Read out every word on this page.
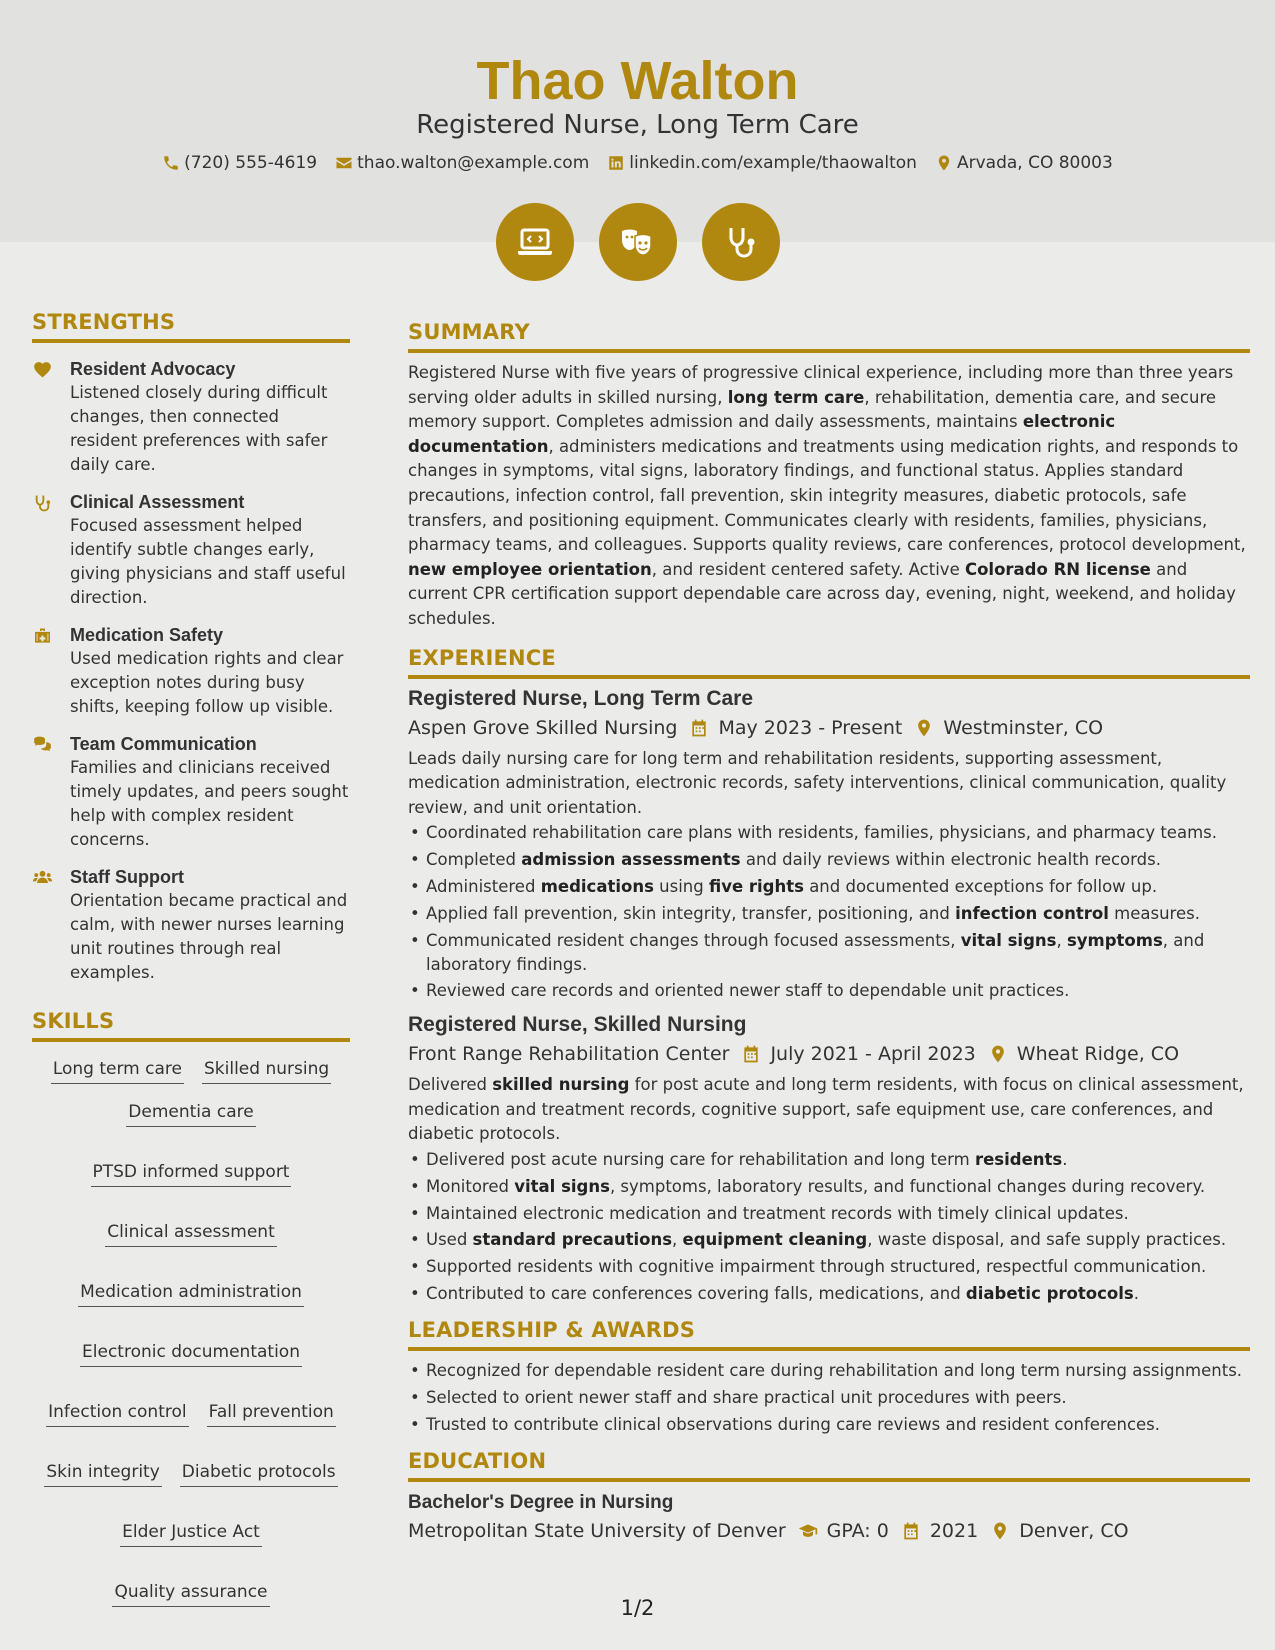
Thao Walton
Registered Nurse, Long Term Care
(720) 555-4619 thao.walton@example.com linkedin.com/example/thaowalton Arvada, CO 80003
STRENGTHS
Resident Advocacy
Listened closely during difficult changes, then connected resident preferences with safer daily care.
Clinical Assessment
Focused assessment helped identify subtle changes early, giving physicians and staff useful direction.
Medication Safety
Used medication rights and clear exception notes during busy shifts, keeping follow up visible.
Team Communication
Families and clinicians received timely updates, and peers sought help with complex resident concerns.
Staff Support
Orientation became practical and calm, with newer nurses learning unit routines through real examples.
SKILLS
Long term care Skilled nursing
Dementia care
PTSD informed support
Clinical assessment
Medication administration
Electronic documentation
Infection control Fall prevention
Skin integrity Diabetic protocols
Elder Justice Act
Quality assurance
SUMMARY

Registered Nurse with five years of progressive clinical experience, including more than three years serving older adults in skilled nursing, long term care, rehabilitation, dementia care, and secure memory support. Completes admission and daily assessments, maintains electronic documentation, administers medications and treatments using medication rights, and responds to changes in symptoms, vital signs, laboratory findings, and functional status. Applies standard precautions, infection control, fall prevention, skin integrity measures, diabetic protocols, safe transfers, and positioning equipment. Communicates clearly with residents, families, physicians, pharmacy teams, and colleagues. Supports quality reviews, care conferences, protocol development, new employee orientation, and resident centered safety. Active Colorado RN license and current CPR certification support dependable care across day, evening, night, weekend, and holiday schedules.

EXPERIENCE
Registered Nurse, Long Term Care
Aspen Grove Skilled Nursing May 2023 - Present Westminster, CO

Leads daily nursing care for long term and rehabilitation residents, supporting assessment, medication administration, electronic records, safety interventions, clinical communication, quality review, and unit orientation.

• Coordinated rehabilitation care plans with residents, families, physicians, and pharmacy teams.
• Completed admission assessments and daily reviews within electronic health records.
• Administered medications using five rights and documented exceptions for follow up.
• Applied fall prevention, skin integrity, transfer, positioning, and infection control measures.
• Communicated resident changes through focused assessments, vital signs, symptoms, and laboratory findings.
• Reviewed care records and oriented newer staff to dependable unit practices.
Registered Nurse, Skilled Nursing
Front Range Rehabilitation Center July 2021 - April 2023 Wheat Ridge, CO

Delivered skilled nursing for post acute and long term residents, with focus on clinical assessment, medication and treatment records, cognitive support, safe equipment use, care conferences, and diabetic protocols.

• Delivered post acute nursing care for rehabilitation and long term residents.
• Monitored vital signs, symptoms, laboratory results, and functional changes during recovery.
• Maintained electronic medication and treatment records with timely clinical updates.
• Used standard precautions, equipment cleaning, waste disposal, and safe supply practices.
• Supported residents with cognitive impairment through structured, respectful communication.
• Contributed to care conferences covering falls, medications, and diabetic protocols.
LEADERSHIP & AWARDS
• Recognized for dependable resident care during rehabilitation and long term nursing assignments.
• Selected to orient newer staff and share practical unit procedures with peers.
• Trusted to contribute clinical observations during care reviews and resident conferences.
EDUCATION
Bachelor's Degree in Nursing
Metropolitan State University of Denver GPA: 0 2021 Denver, CO
1/2
